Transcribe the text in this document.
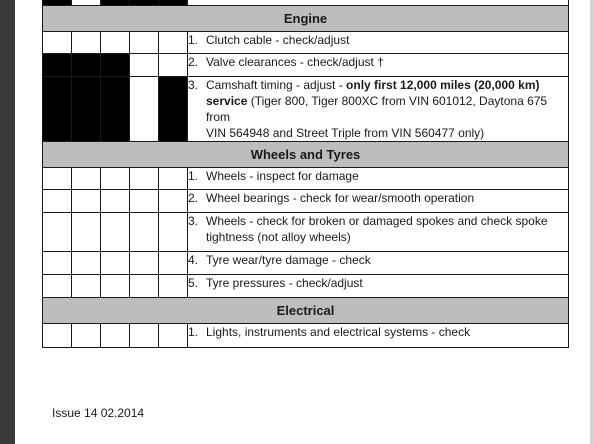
Engine					
					1. Clutch cable - check/adjust
					2. Valve clearances - check/adjust †

					3. Camshaft timing - adjust - only first 12,000 miles (20,000 km)
service (Tiger 800, Tiger 800XC from VIN 601012, Daytona 675 from
VIN 564948 and Street Triple from VIN 560477 only)

Wheels and Tyres					
					1. Wheels - inspect for damage
					2. Wheel bearings - check for wear/smooth operation

					3. Wheels - check for broken or damaged spokes and check spoke
tightness (not alloy wheels)

					4. Tyre wear/tyre damage - check
					5. Tyre pressures - check/adjust
Electrical					
					1. Lights, instruments and electrical systems - check
Issue 14 02.2014
